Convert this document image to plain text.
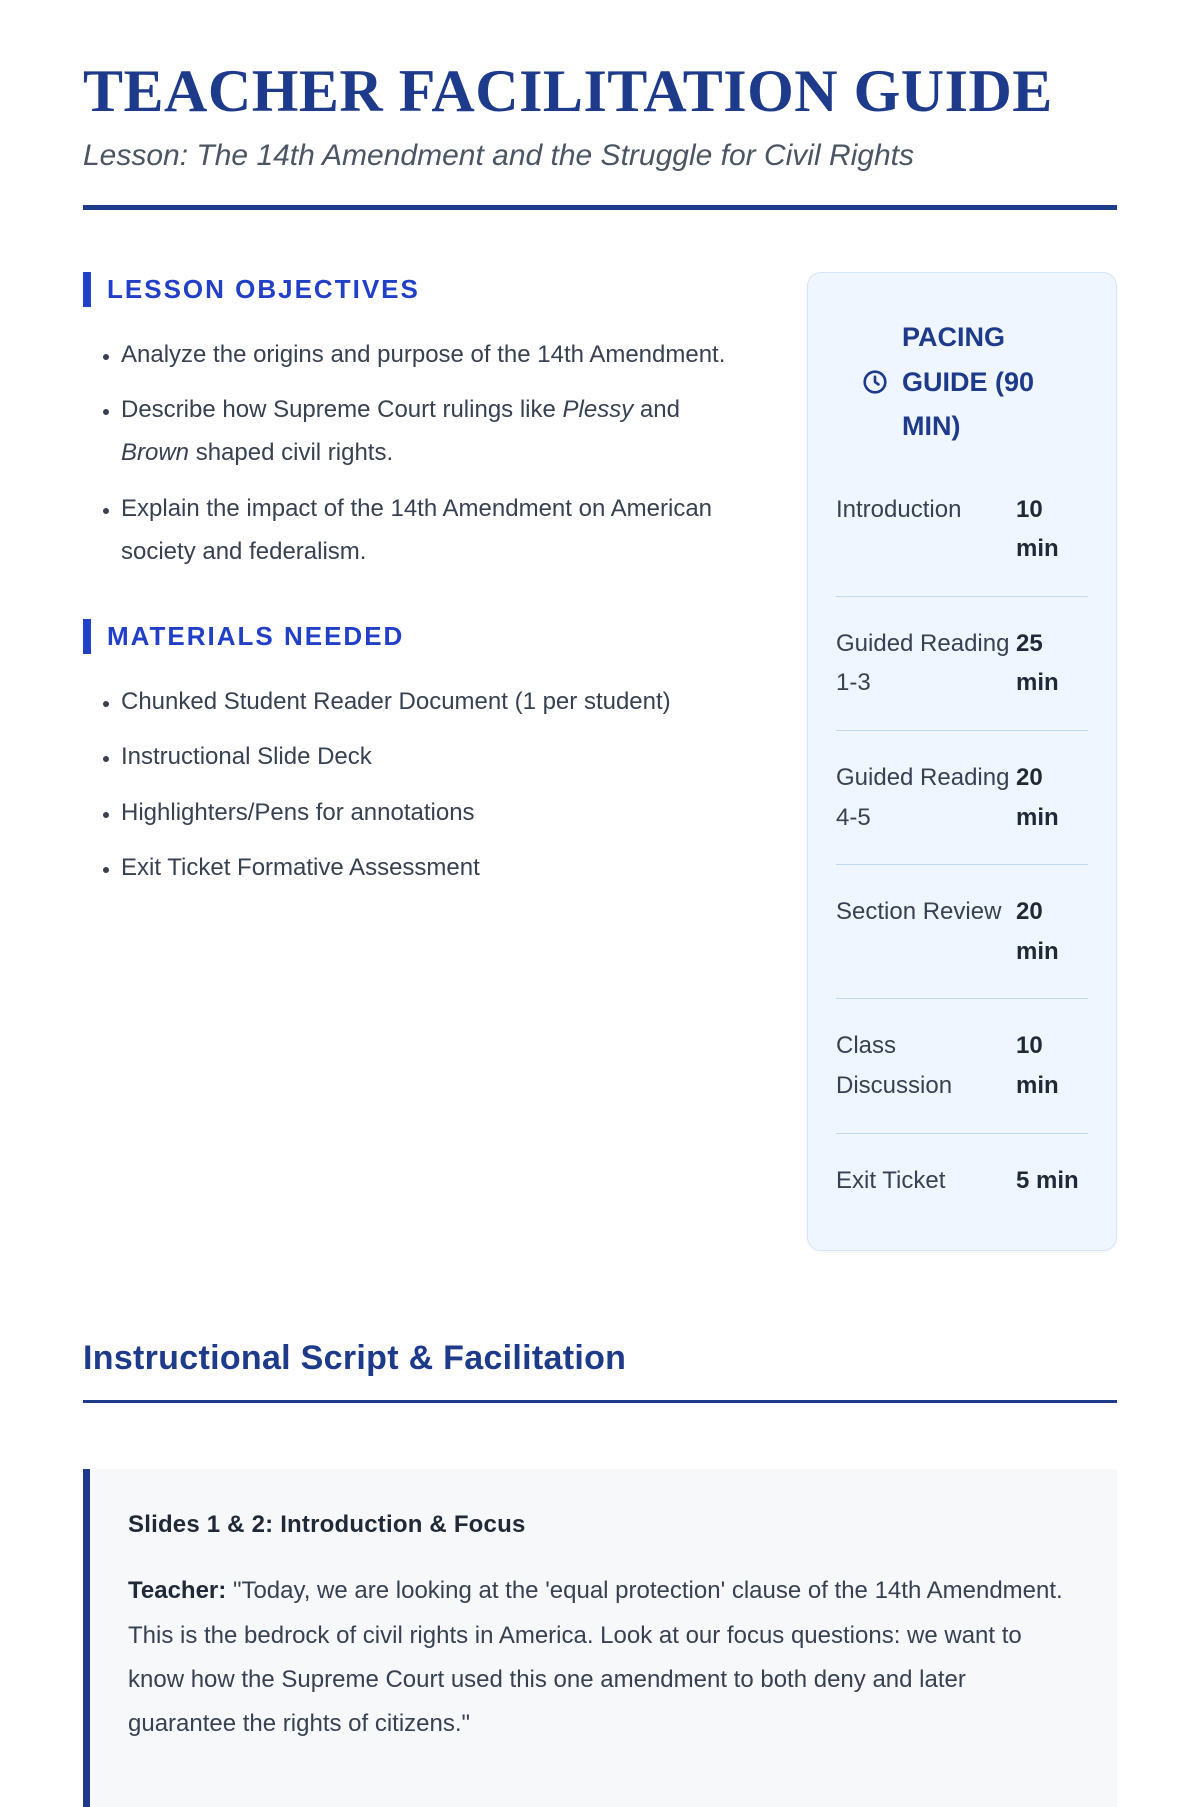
TEACHER FACILITATION GUIDE
Lesson: The 14th Amendment and the Struggle for Civil Rights
LESSON OBJECTIVES
• Analyze the origins and purpose of the 14th Amendment.
• Describe how Supreme Court rulings like Plessy and Brown shaped civil rights.
• Explain the impact of the 14th Amendment on American society and federalism.
MATERIALS NEEDED
• Chunked Student Reader Document (1 per student)
• Instructional Slide Deck
• Highlighters/Pens for annotations
• Exit Ticket Formative Assessment
PACING GUIDE (90 MIN)
Introduction	10 min
Guided Reading 1-3
25 min
Guided Reading 4-5
20 min
Section Review 20 min
Class Discussion
10 min
Exit Ticket	5 min
Instructional Script & Facilitation
Slides 1 & 2: Introduction & Focus

Teacher: "Today, we are looking at the 'equal protection' clause of the 14th Amendment. This is the bedrock of civil rights in America. Look at our focus questions: we want to know how the Supreme Court used this one amendment to both deny and later guarantee the rights of citizens."
